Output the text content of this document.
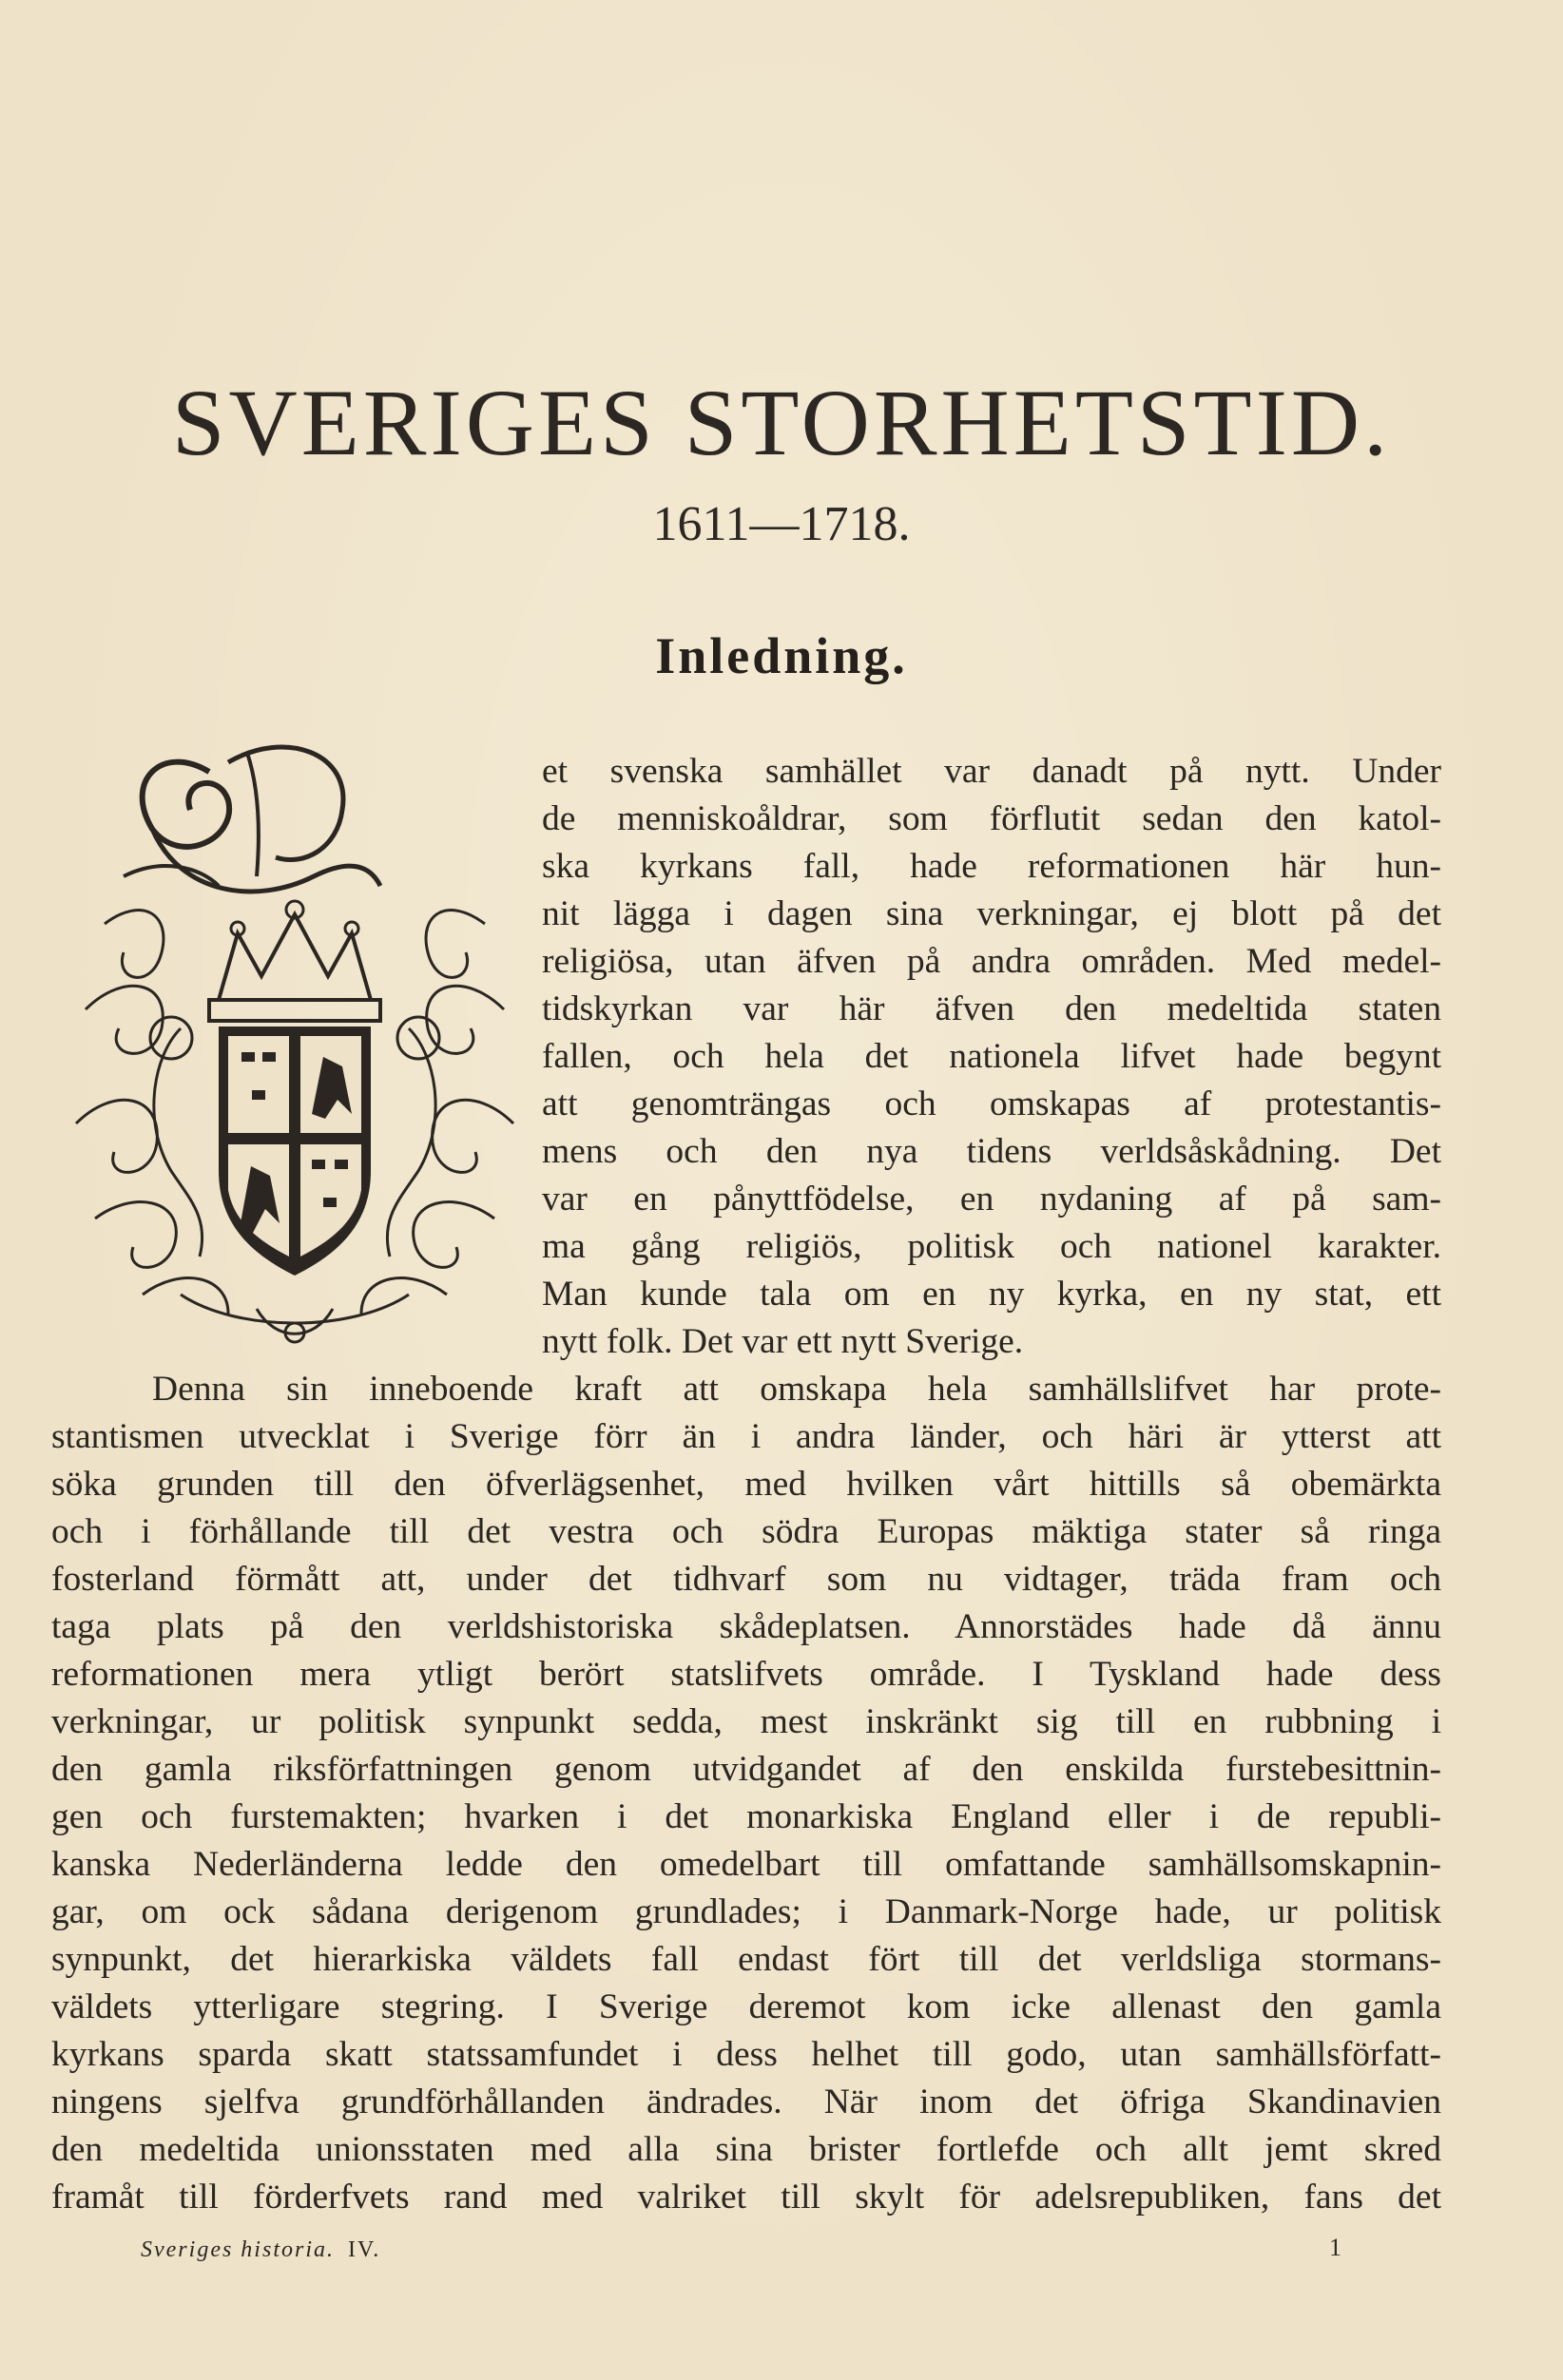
SVERIGES STORHETSTID.
1611—1718.
Inledning.
et svenska samhället var danadt på nytt. Under
de menniskoåldrar, som förflutit sedan den katol-
ska kyrkans fall, hade reformationen här hun-
nit lägga i dagen sina verkningar, ej blott på det
religiösa, utan äfven på andra områden. Med medel-
tidskyrkan var här äfven den medeltida staten
fallen, och hela det nationela lifvet hade begynt
att genomträngas och omskapas af protestantis-
mens och den nya tidens verldsåskådning. Det
var en pånyttfödelse, en nydaning af på sam-
ma gång religiös, politisk och nationel karakter.
Man kunde tala om en ny kyrka, en ny stat, ett
nytt folk. Det var ett nytt Sverige.
Denna sin inneboende kraft att omskapa hela samhällslifvet har prote-
stantismen utvecklat i Sverige förr än i andra länder, och häri är ytterst att
söka grunden till den öfverlägsenhet, med hvilken vårt hittills så obemärkta
och i förhållande till det vestra och södra Europas mäktiga stater så ringa
fosterland förmått att, under det tidhvarf som nu vidtager, träda fram och
taga plats på den verldshistoriska skådeplatsen. Annorstädes hade då ännu
reformationen mera ytligt berört statslifvets område. I Tyskland hade dess
verkningar, ur politisk synpunkt sedda, mest inskränkt sig till en rubbning i
den gamla riksförfattningen genom utvidgandet af den enskilda furstebesittnin-
gen och furstemakten; hvarken i det monarkiska England eller i de republi-
kanska Nederländerna ledde den omedelbart till omfattande samhällsomskapnin-
gar, om ock sådana derigenom grundlades; i Danmark-Norge hade, ur politisk
synpunkt, det hierarkiska väldets fall endast fört till det verldsliga stormans-
väldets ytterligare stegring. I Sverige deremot kom icke allenast den gamla
kyrkans sparda skatt statssamfundet i dess helhet till godo, utan samhällsförfatt-
ningens sjelfva grundförhållanden ändrades. När inom det öfriga Skandinavien
den medeltida unionsstaten med alla sina brister fortlefde och allt jemt skred
framåt till förderfvets rand med valriket till skylt för adelsrepubliken, fans det
Sveriges historia. IV.	1
